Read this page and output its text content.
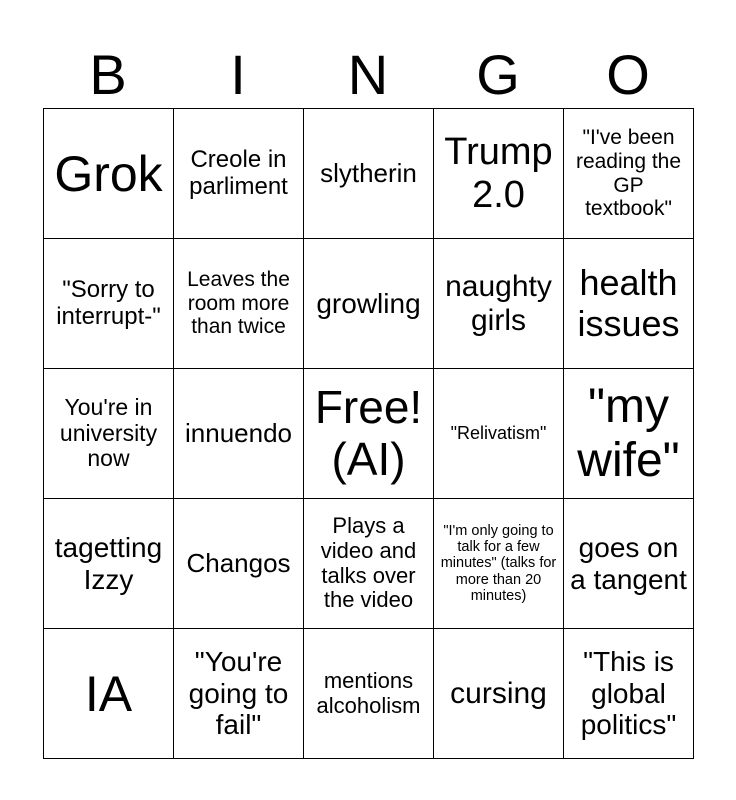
B	I	N	G	O
Grok	Creole in parliment	slytherin	Trump 2.0	"I've been reading the GP textbook"
"Sorry to interrupt-"	Leaves the room more than twice	growling	naughty girls	health issues
You're in university now	innuendo	Free! (AI)	"Relivatism"	"my wife"
tagetting Izzy	Changos	Plays a video and talks over the video	"I'm only going to talk for a few minutes" (talks for more than 20 minutes)	goes on a tangent
IA	"You're going to fail"	mentions alcoholism	cursing	"This is global politics"
